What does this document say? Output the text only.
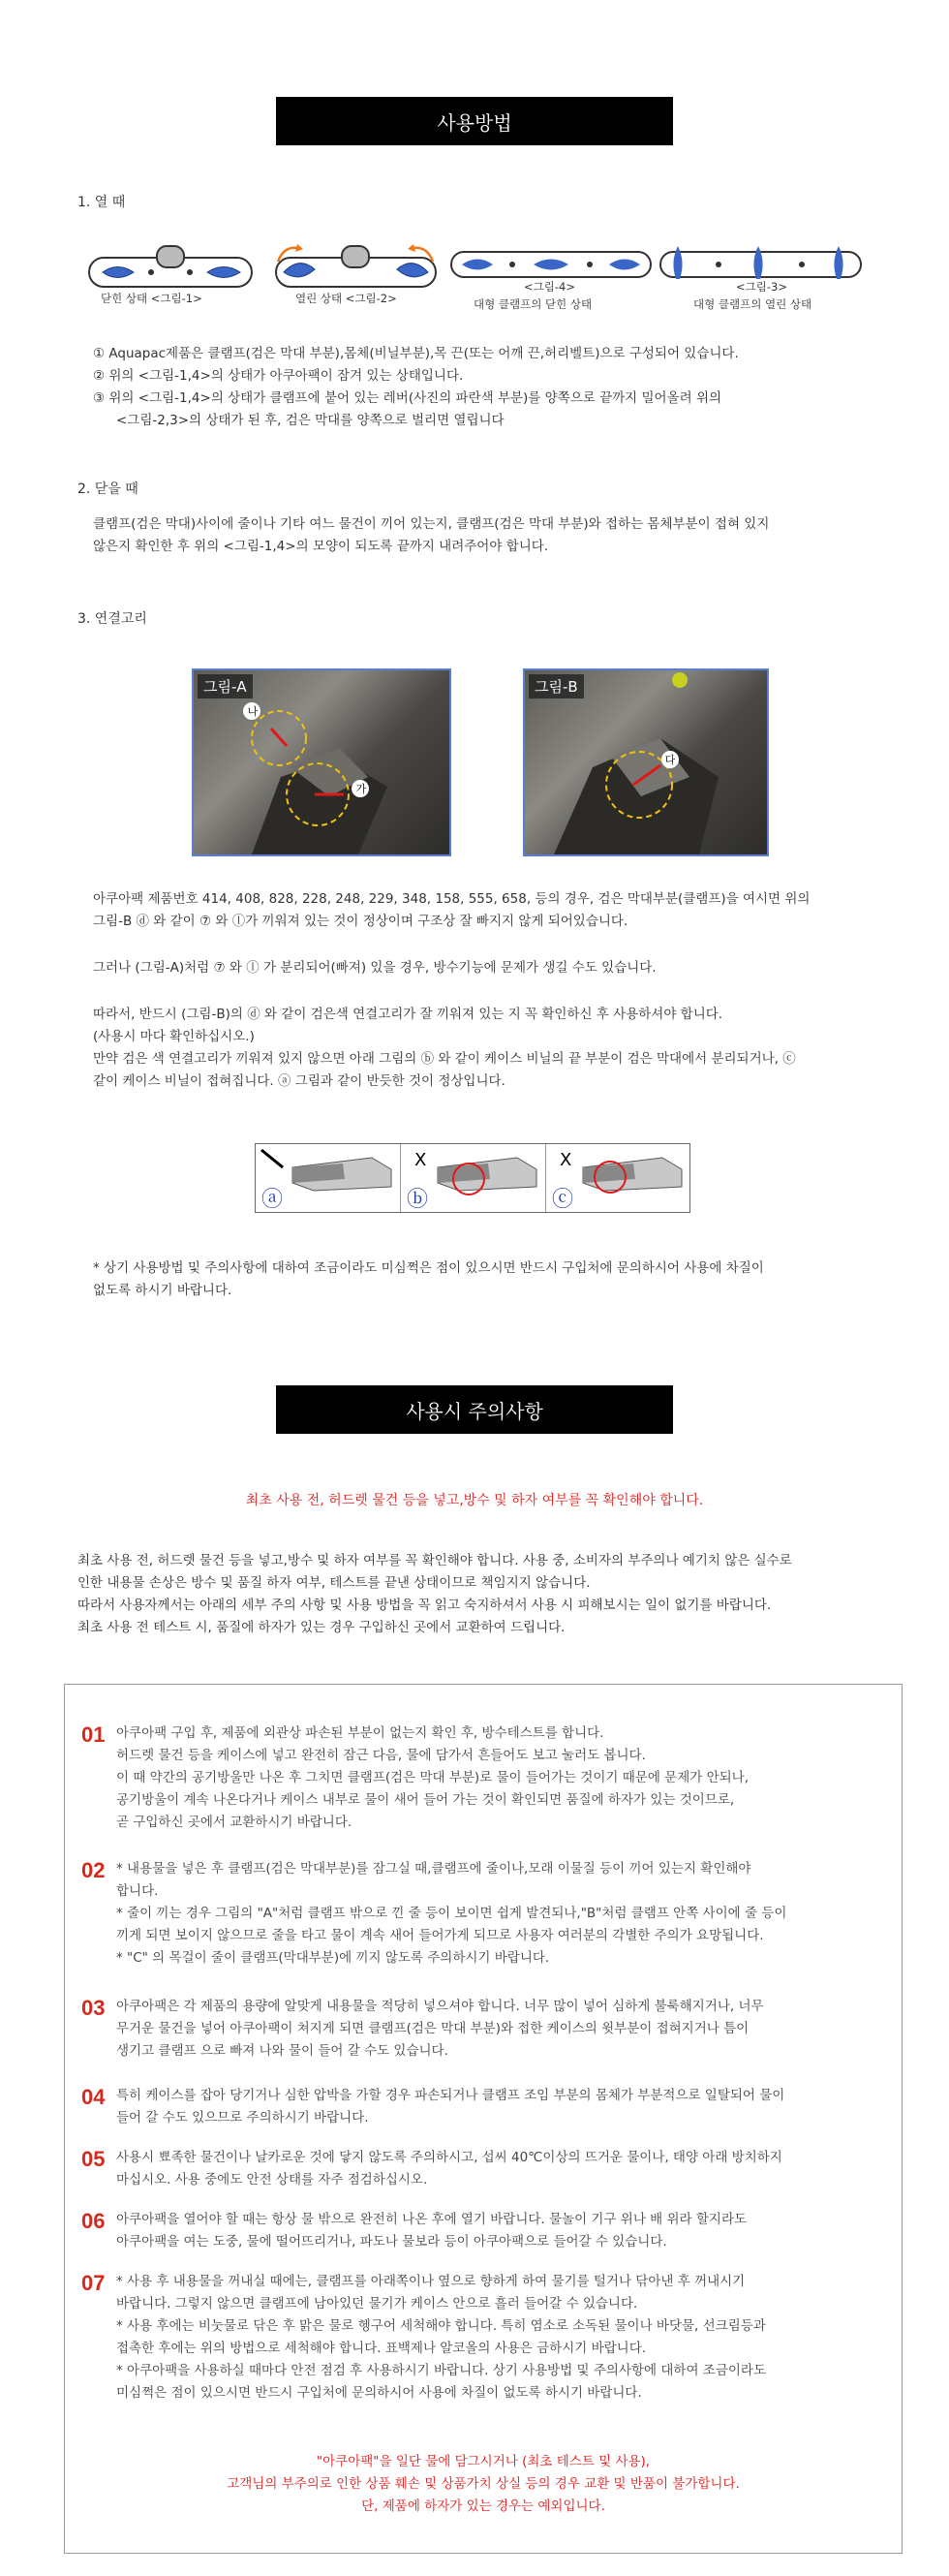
사용방법
1. 열 때
닫힌 상태 <그림-1>	열린 상태 <그림-2>
<그림-4>
대형 클램프의 닫힌 상태
<그림-3>
대형 클램프의 열린 상태
① Aquapac제품은 클램프(검은 막대 부분),몸체(비닐부분),목 끈(또는 어깨 끈,허리벨트)으로 구성되어 있습니다.
② 위의 <그림-1,4>의 상태가 아쿠아팩이 잠겨 있는 상태입니다.
③ 위의 <그림-1,4>의 상태가 클램프에 붙어 있는 레버(사진의 파란색 부분)를 양쪽으로 끝까지 밀어올려 위의
<그림-2,3>의 상태가 된 후, 검은 막대를 양쪽으로 벌리면 열립니다
2. 닫을 때
클램프(검은 막대)사이에 줄이나 기타 여느 물건이 끼어 있는지, 클램프(검은 막대 부분)와 접하는 몸체부분이 접혀 있지
않은지 확인한 후 위의 <그림-1,4>의 모양이 되도록 끝까지 내려주어야 합니다.
3. 연결고리
그림-A
나
가
그림-B
다
아쿠아팩 제품번호 414, 408, 828, 228, 248, 229, 348, 158, 555, 658, 등의 경우, 검은 막대부분(클램프)을 여시면 위의
그림-B ⓓ 와 같이 ⑦ 와 ⓛ가 끼워져 있는 것이 정상이며 구조상 잘 빠지지 않게 되어있습니다.
그러나 (그림-A)처럼 ⑦ 와 ⓛ 가 분리되어(빠져) 있을 경우, 방수기능에 문제가 생길 수도 있습니다.
따라서, 반드시 (그림-B)의 ⓓ 와 같이 검은색 연결고리가 잘 끼워져 있는 지 꼭 확인하신 후 사용하셔야 합니다.
(사용시 마다 확인하십시오.)
만약 검은 색 연결고리가 끼워져 있지 않으면 아래 그림의 ⓑ 와 같이 케이스 비닐의 끝 부분이 검은 막대에서 분리되거나, ⓒ
같이 케이스 비닐이 접혀집니다. ⓐ 그림과 같이 반듯한 것이 정상입니다.
ⓐ
X
ⓑ
X
ⓒ
* 상기 사용방법 및 주의사항에 대하여 조금이라도 미심쩍은 점이 있으시면 반드시 구입처에 문의하시어 사용에 차질이
없도록 하시기 바랍니다.
사용시 주의사항
최초 사용 전, 허드렛 물건 등을 넣고,방수 및 하자 여부를 꼭 확인해야 합니다.
최초 사용 전, 허드렛 물건 등을 넣고,방수 및 하자 여부를 꼭 확인해야 합니다. 사용 중, 소비자의 부주의나 예기치 않은 실수로
인한 내용물 손상은 방수 및 품질 하자 여부, 테스트를 끝낸 상태이므로 책임지지 않습니다.
따라서 사용자께서는 아래의 세부 주의 사항 및 사용 방법을 꼭 읽고 숙지하셔서 사용 시 피해보시는 일이 없기를 바랍니다.
최초 사용 전 테스트 시, 품질에 하자가 있는 경우 구입하신 곳에서 교환하여 드립니다.
01 아쿠아팩 구입 후, 제품에 외관상 파손된 부분이 없는지 확인 후, 방수테스트를 합니다.
허드렛 물건 등을 케이스에 넣고 완전히 잠근 다음, 물에 담가서 흔들어도 보고 눌러도 봅니다.
이 때 약간의 공기방울만 나온 후 그치면 클램프(검은 막대 부분)로 물이 들어가는 것이기 때문에 문제가 안되나,
공기방울이 계속 나온다거나 케이스 내부로 물이 새어 들어 가는 것이 확인되면 품질에 하자가 있는 것이므로,
곧 구입하신 곳에서 교환하시기 바랍니다.
02 * 내용물을 넣은 후 클램프(검은 막대부분)를 잠그실 때,클램프에 줄이나,모래 이물질 등이 끼어 있는지 확인해야
합니다.
* 줄이 끼는 경우 그림의 "A"처럼 클램프 밖으로 낀 줄 등이 보이면 쉽게 발견되나,"B"처럼 클램프 안쪽 사이에 줄 등이
끼게 되면 보이지 않으므로 줄을 타고 물이 계속 새어 들어가게 되므로 사용자 여러분의 각별한 주의가 요망됩니다.
* "C" 의 목걸이 줄이 클램프(막대부분)에 끼지 않도록 주의하시기 바랍니다.
03 아쿠아팩은 각 제품의 용량에 알맞게 내용물을 적당히 넣으셔야 합니다. 너무 많이 넣어 심하게 불룩해지거나, 너무
무거운 물건을 넣어 아쿠아팩이 쳐지게 되면 클램프(검은 막대 부분)와 접한 케이스의 윗부분이 접혀지거나 틈이
생기고 클램프 으로 빠져 나와 물이 들어 갈 수도 있습니다.
04 특히 케이스를 잡아 당기거나 심한 압박을 가할 경우 파손되거나 클램프 조임 부분의 몸체가 부분적으로 일탈되어 물이
들어 갈 수도 있으므로 주의하시기 바랍니다.
05 사용시 뾰족한 물건이나 날카로운 것에 닿지 않도록 주의하시고, 섭씨 40℃이상의 뜨거운 물이나, 태양 아래 방치하지
마십시오. 사용 중에도 안전 상태를 자주 점검하십시오.
06 아쿠아팩을 열어야 할 때는 항상 물 밖으로 완전히 나온 후에 열기 바랍니다. 물놀이 기구 위나 배 위라 할지라도
아쿠아팩을 여는 도중, 물에 떨어뜨리거나, 파도나 물보라 등이 아쿠아팩으로 들어갈 수 있습니다.
07 * 사용 후 내용물을 꺼내실 때에는, 클램프를 아래쪽이나 옆으로 향하게 하여 물기를 털거나 닦아낸 후 꺼내시기
바랍니다. 그렇지 않으면 클램프에 남아있던 물기가 케이스 안으로 흘러 들어갈 수 있습니다.
* 사용 후에는 비눗물로 닦은 후 맑은 물로 헹구어 세척해야 합니다. 특히 염소로 소독된 물이나 바닷물, 선크림등과
접촉한 후에는 위의 방법으로 세척해야 합니다. 표백제나 알코올의 사용은 금하시기 바랍니다.
* 아쿠아팩을 사용하실 때마다 안전 점검 후 사용하시기 바랍니다. 상기 사용방법 및 주의사항에 대하여 조금이라도
미심쩍은 점이 있으시면 반드시 구입처에 문의하시어 사용에 차질이 없도록 하시기 바랍니다.
"아쿠아팩"을 일단 물에 담그시거나 (최초 테스트 및 사용),
고객님의 부주의로 인한 상품 훼손 및 상품가치 상실 등의 경우 교환 및 반품이 불가합니다.
단, 제품에 하자가 있는 경우는 예외입니다.
